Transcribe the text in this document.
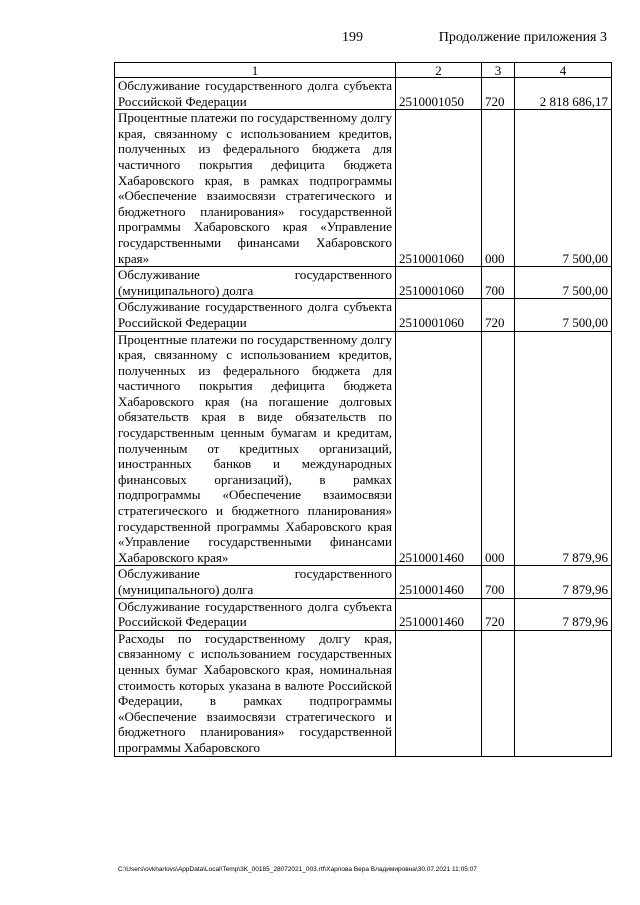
199	Продолжение приложения 3
1	2	3	4
Обслуживание государственного долга субъекта Российской Федерации	2510001050	720	2 818 686,17
Процентные платежи по государственному долгу края, связанному с использованием кредитов, полученных из федерального бюджета для частичного покрытия дефицита бюджета Хабаровского края, в рамках подпрограммы «Обеспечение взаимосвязи стратегического и бюджетного планирования» государственной программы Хабаровского края «Управление государственными финансами Хабаровского края»	2510001060	000	7 500,00
Обслуживание государственного (муниципального) долга	2510001060	700	7 500,00
Обслуживание государственного долга субъекта Российской Федерации	2510001060	720	7 500,00
Процентные платежи по государственному долгу края, связанному с использованием кредитов, полученных из федерального бюджета для частичного покрытия дефицита бюджета Хабаровского края (на погашение долговых обязательств края в виде обязательств по государственным ценным бумагам и кредитам, полученным от кредитных организаций, иностранных банков и международных финансовых организаций), в рамках подпрограммы «Обеспечение взаимосвязи стратегического и бюджетного планирования» государственной программы Хабаровского края «Управление государственными финансами Хабаровского края»	2510001460	000	7 879,96
Обслуживание государственного (муниципального) долга	2510001460	700	7 879,96
Обслуживание государственного долга субъекта Российской Федерации	2510001460	720	7 879,96
Расходы по государственному долгу края, связанному с использованием государственных ценных бумаг Хабаровского края, номинальная стоимость которых указана в валюте Российской Федерации, в рамках подпрограммы «Обеспечение взаимосвязи стратегического и бюджетного планирования» государственной программы Хабаровского			
C:\Users\ovkharlovs\AppData\Local\Temp\3K_00185_28072021_003.rtf\Харлова Вера Владимировна\30.07.2021 11:05:07
